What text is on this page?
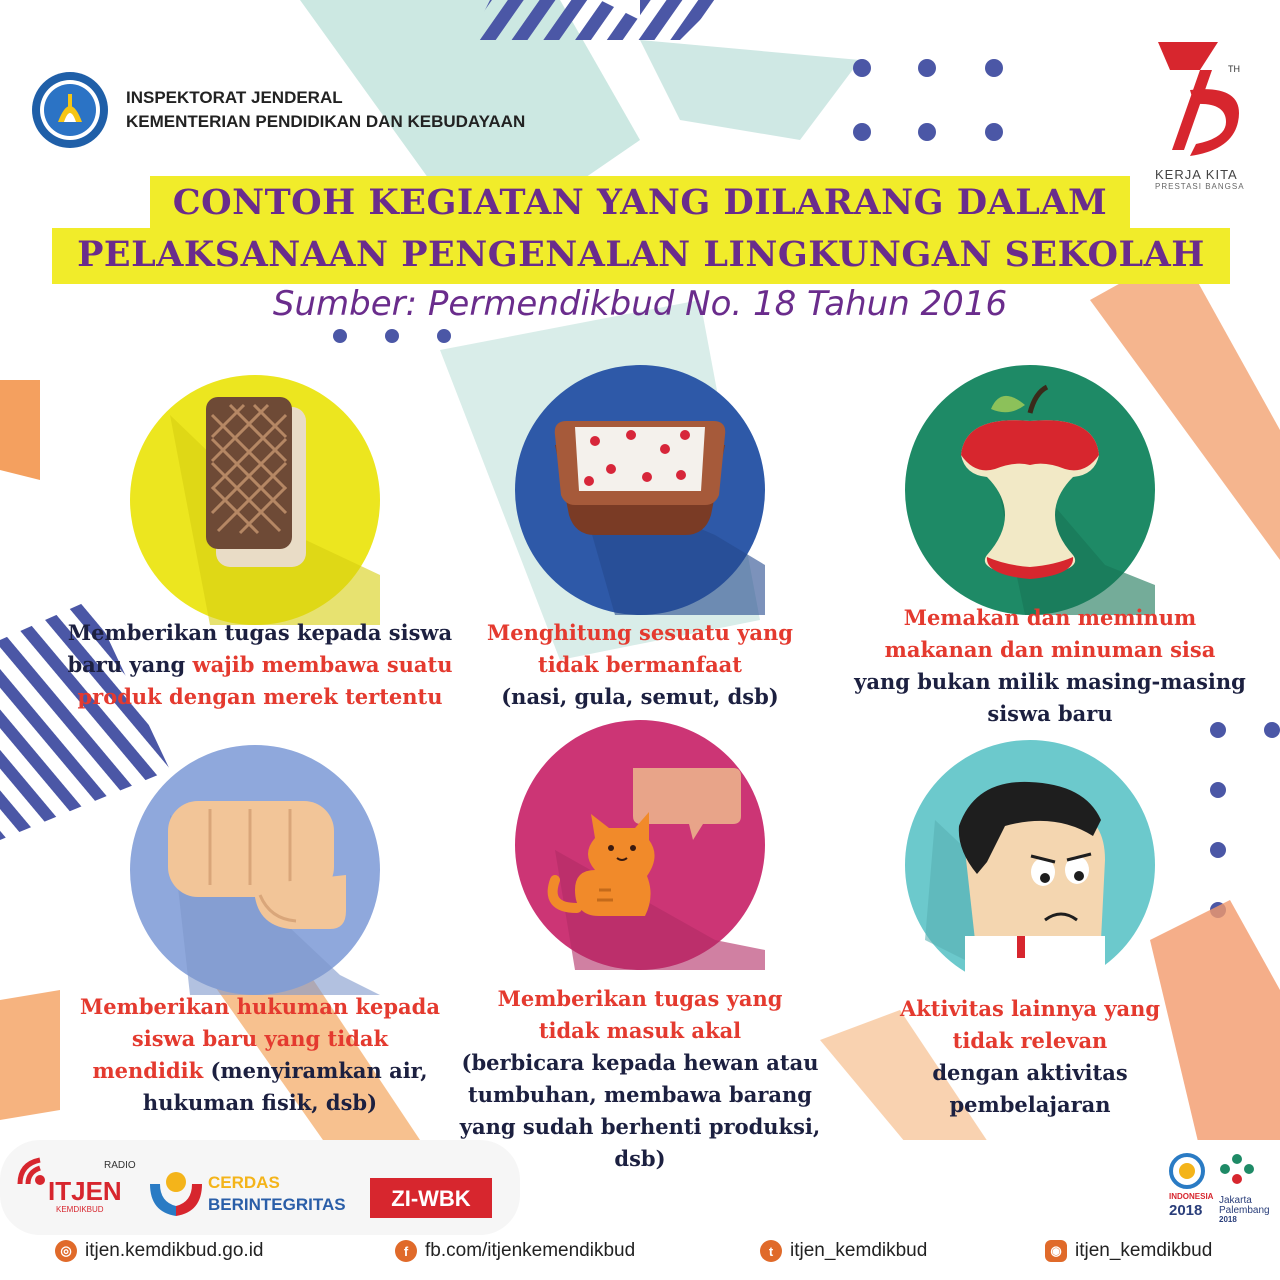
INSPEKTORAT JENDERAL
KEMENTERIAN PENDIDIKAN DAN KEBUDAYAAN
TH
KERJA KITA
PRESTASI BANGSA
CONTOH KEGIATAN YANG DILARANG DALAM
PELAKSANAAN PENGENALAN LINGKUNGAN SEKOLAH
Sumber: Permendikbud No. 18 Tahun 2016
Memberikan tugas kepada siswa
baru yang wajib membawa suatu
produk dengan merek tertentu
Menghitung sesuatu yang
tidak bermanfaat
(nasi, gula, semut, dsb)
Memakan dan meminum
makanan dan minuman sisa
yang bukan milik masing-masing
siswa baru
Memberikan hukuman kepada
siswa baru yang tidak
mendidik (menyiramkan air,
hukuman fisik, dsb)
Memberikan tugas yang
tidak masuk akal
(berbicara kepada hewan atau
tumbuhan, membawa barang
yang sudah berhenti produksi,
dsb)
Aktivitas lainnya yang
tidak relevan
dengan aktivitas
pembelajaran
RADIO
ITJEN
KEMDIKBUD
CERDAS
BERINTEGRITAS ZI-WBK	INDONESIA
2018
Jakarta
Palembang
2018
◎ itjen.kemdikbud.go.id	f fb.com/itjenkemendikbud	t itjen_kemdikbud	◉ itjen_kemdikbud
